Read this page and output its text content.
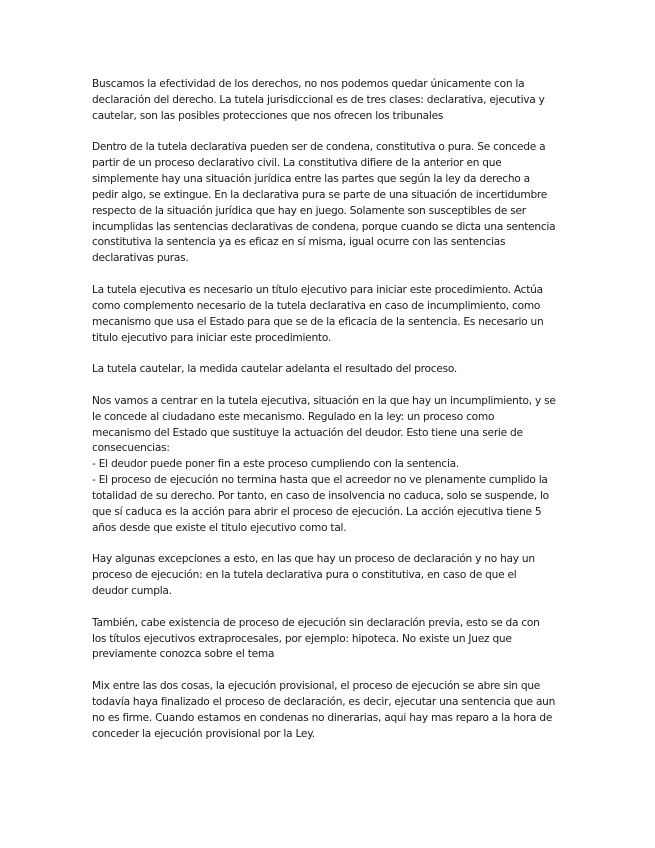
Buscamos la efectividad de los derechos, no nos podemos quedar únicamente con la
declaración del derecho. La tutela jurisdiccional es de tres clases: declarativa, ejecutiva y
cautelar, son las posibles protecciones que nos ofrecen los tribunales

Dentro de la tutela declarativa pueden ser de condena, constitutiva o pura. Se concede a
partir de un proceso declarativo civil. La constitutiva difiere de la anterior en que
simplemente hay una situación jurídica entre las partes que según la ley da derecho a
pedir algo, se extingue. En la declarativa pura se parte de una situación de incertidumbre
respecto de la situación jurídica que hay en juego. Solamente son susceptibles de ser
incumplidas las sentencias declarativas de condena, porque cuando se dicta una sentencia
constitutiva la sentencia ya es eficaz en sí misma, igual ocurre con las sentencias
declarativas puras.

La tutela ejecutiva es necesario un título ejecutivo para iniciar este procedimiento. Actúa
como complemento necesario de la tutela declarativa en caso de incumplimiento, como
mecanismo que usa el Estado para que se de la eficacia de la sentencia. Es necesario un
titulo ejecutivo para iniciar este procedimiento.

La tutela cautelar, la medida cautelar adelanta el resultado del proceso.

Nos vamos a centrar en la tutela ejecutiva, situación en la que hay un incumplimiento, y se
le concede al ciudadano este mecanismo. Regulado en la ley: un proceso como
mecanismo del Estado que sustituye la actuación del deudor. Esto tiene una serie de
consecuencias:
- El deudor puede poner fin a este proceso cumpliendo con la sentencia.
- El proceso de ejecución no termina hasta que el acreedor no ve plenamente cumplido la
totalidad de su derecho. Por tanto, en caso de insolvencia no caduca, solo se suspende, lo
que sí caduca es la acción para abrir el proceso de ejecución. La acción ejecutiva tiene 5
años desde que existe el titulo ejecutivo como tal.

Hay algunas excepciones a esto, en las que hay un proceso de declaración y no hay un
proceso de ejecución: en la tutela declarativa pura o constitutiva, en caso de que el
deudor cumpla.

También, cabe existencia de proceso de ejecución sin declaración previa, esto se da con
los títulos ejecutivos extraprocesales, por ejemplo: hipoteca. No existe un Juez que
previamente conozca sobre el tema

Mix entre las dos cosas, la ejecución provisional, el proceso de ejecución se abre sin que
todavía haya finalizado el proceso de declaración, es decir, ejecutar una sentencia que aun
no es firme. Cuando estamos en condenas no dinerarias, aqui hay mas reparo a la hora de
conceder la ejecución provisional por la Ley.
